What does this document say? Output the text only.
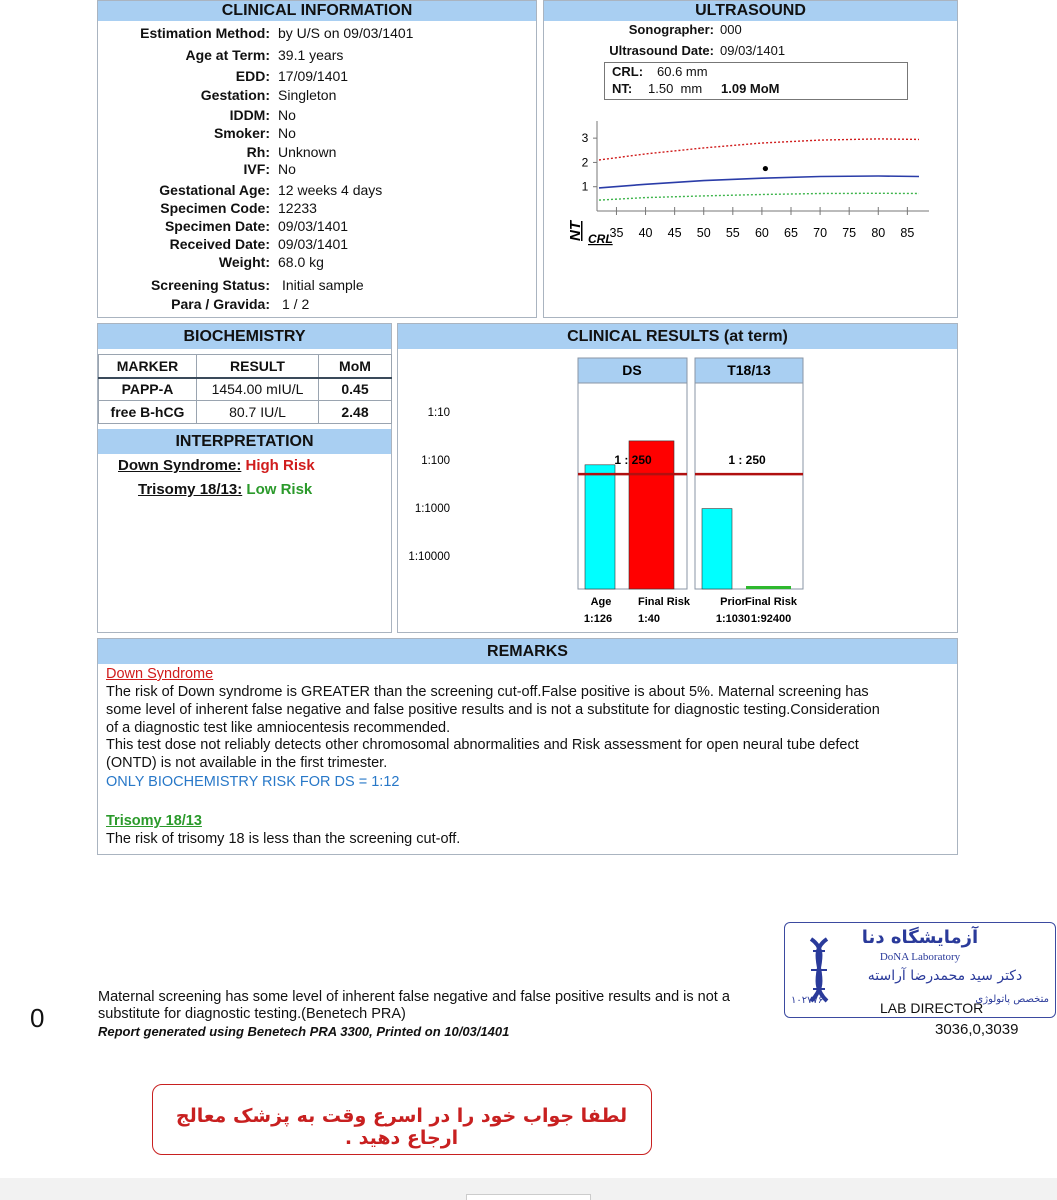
CLINICAL INFORMATION
Estimation Method: by U/S on 09/03/1401
Age at Term: 39.1 years
EDD: 17/09/1401
Gestation: Singleton
IDDM: No
Smoker: No
Rh: Unknown
IVF: No
Gestational Age: 12 weeks 4 days
Specimen Code: 12233
Specimen Date: 09/03/1401
Received Date: 09/03/1401
Weight: 68.0 kg
Screening Status: Initial sample
Para / Gravida: 1 / 2
ULTRASOUND
Sonographer: 000
Ultrasound Date: 09/03/1401
CRL: 60.6 mm
NT: 1.50  mm 1.09 MoM
1
2
3
35 40 45 50 55 60 65 70 75 80 85
NT CRL
BIOCHEMISTRY
MARKER	RESULT	MoM
PAPP-A	1454.00 mIU/L	0.45
free B-hCG	80.7 IU/L	2.48
INTERPRETATION
Down Syndrome: High Risk
Trisomy 18/13: Low Risk
CLINICAL RESULTS (at term)
1:10
1:100
1:1000
1:10000
DS	T18/13
1 : 250	1 : 250
Age
1:126
Final Risk
1:40
Prior
1:1030
Final Risk
1:92400
REMARKS
Down Syndrome
The risk of Down syndrome is GREATER than the screening cut-off.False positive is about 5%. Maternal screening has
some level of inherent false negative and false positive results and is not a substitute for diagnostic testing.Consideration
of a diagnostic test like amniocentesis recommended.
This test dose not reliably detects other chromosomal abnormalities and Risk assessment for open neural tube defect
(ONTD) is not available in the first trimester.
ONLY BIOCHEMISTRY RISK FOR DS = 1:12
Trisomy 18/13
The risk of trisomy 18 is less than the screening cut-off.
0
Maternal screening has some level of inherent false negative and false positive results and is not a
substitute for diagnostic testing.(Benetech PRA)
Report generated using Benetech PRA 3300, Printed on 10/03/1401	3036,0,3039
آزمایشگاه دنا
DoNA Laboratory
دکتر سید محمدرضا آراسته
متخصص پاتولوژی
۱۰۲۷۷۶	LAB DIRECTOR
لطفا جواب خود را در اسرع وقت به پزشک معالج ارجاع دهید .
